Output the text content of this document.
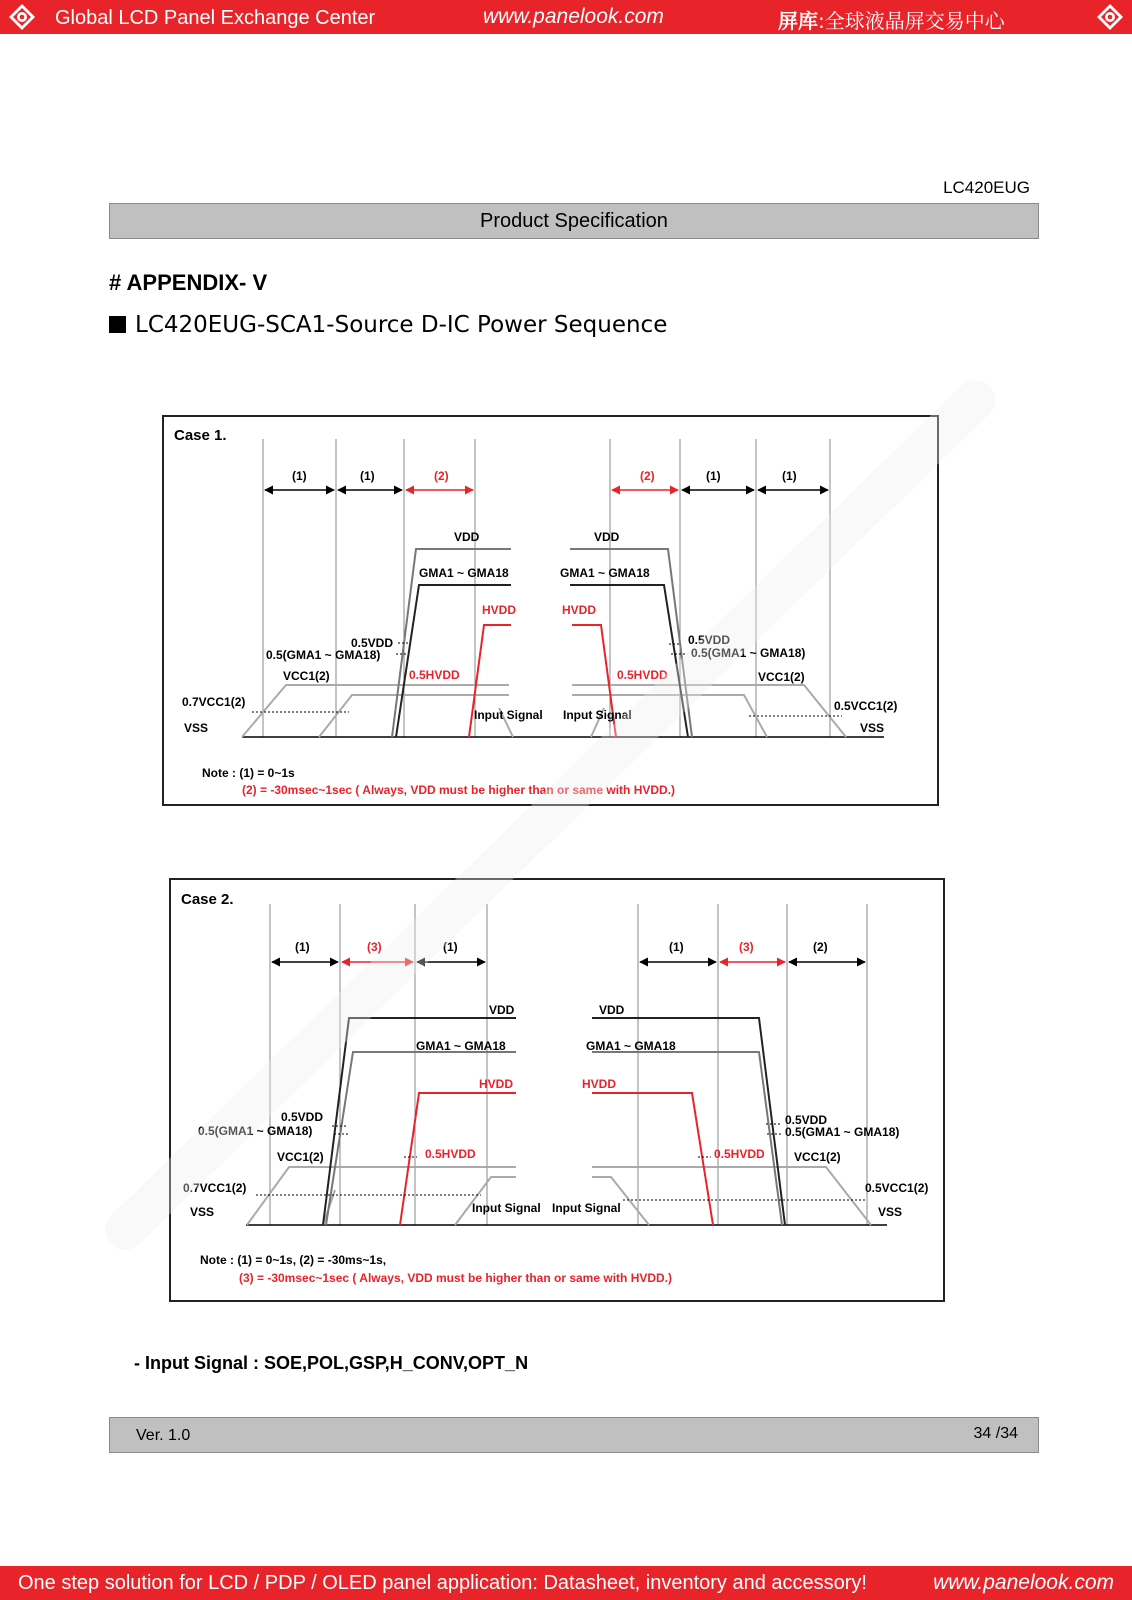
Global LCD Panel Exchange Center	www.panelook.com	屏库:全球液晶屏交易中心
LC420EUG
Product Specification
# APPENDIX- V
LC420EUG-SCA1-Source D-IC Power Sequence
Case 1.
(1)	(1)	(2)	(2)	(1)	(1)
VDD
GMA1 ~ GMA18
HVDD
0.5VDD
0.5(GMA1 ~ GMA18)
0.5HVDD
VCC1(2)
0.7VCC1(2)
VSS
Input Signal
VDD
GMA1 ~ GMA18
HVDD
0.5VDD
0.5(GMA1 ~ GMA18)
0.5HVDD	VCC1(2)
0.5VCC1(2)
VSS
Input Signal
Note : (1) = 0~1s
(2) = -30msec~1sec ( Always, VDD must be higher than or same with HVDD.)
Case 2.
(1)	(3)	(1)	(1)	(3)	(2)
VDD
GMA1 ~ GMA18
HVDD
0.5VDD
0.5(GMA1 ~ GMA18)
0.5HVDD
VCC1(2)
0.7VCC1(2)
VSS	Input Signal
VDD
GMA1 ~ GMA18
HVDD
0.5VDD
0.5(GMA1 ~ GMA18)
0.5HVDD VCC1(2)
0.5VCC1(2)
VSS
Input Signal
Note : (1) = 0~1s, (2) = -30ms~1s,
(3) = -30msec~1sec ( Always, VDD must be higher than or same with HVDD.)
- Input Signal : SOE,POL,GSP,H_CONV,OPT_N
Ver. 1.0	34 /34
One step solution for LCD / PDP / OLED panel application: Datasheet, inventory and accessory!	www.panelook.com
